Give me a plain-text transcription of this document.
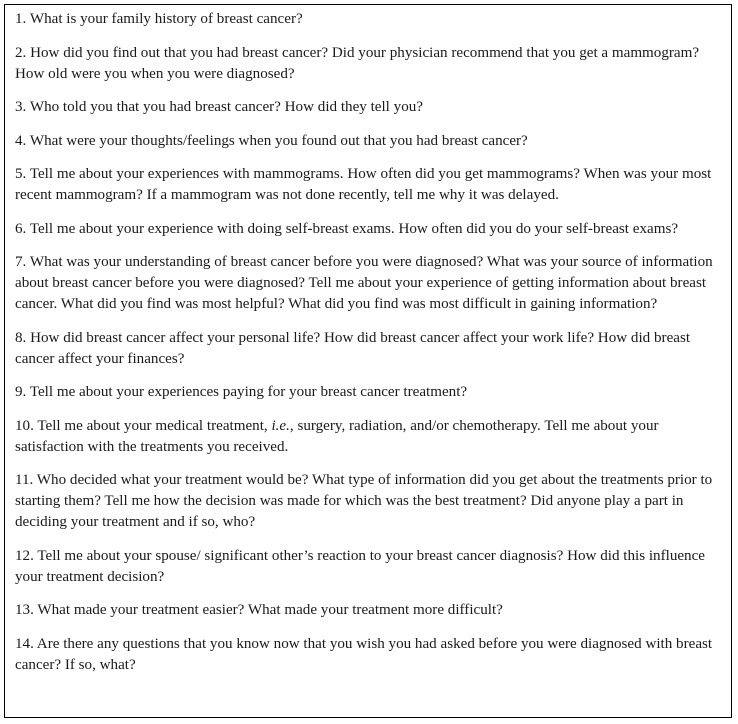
1. What is your family history of breast cancer?

2. How did you find out that you had breast cancer? Did your physician recommend that you get a mammogram? How old were you when you were diagnosed?

3. Who told you that you had breast cancer? How did they tell you?

4. What were your thoughts/feelings when you found out that you had breast cancer?

5. Tell me about your experiences with mammograms. How often did you get mammograms? When was your most recent mammogram? If a mammogram was not done recently, tell me why it was delayed.

6. Tell me about your experience with doing self-breast exams. How often did you do your self-breast exams?

7. What was your understanding of breast cancer before you were diagnosed? What was your source of information about breast cancer before you were diagnosed? Tell me about your experience of getting information about breast cancer. What did you find was most helpful? What did you find was most difficult in gaining information?

8. How did breast cancer affect your personal life? How did breast cancer affect your work life? How did breast cancer affect your finances?

9. Tell me about your experiences paying for your breast cancer treatment?

10. Tell me about your medical treatment, i.e., surgery, radiation, and/or chemotherapy. Tell me about your satisfaction with the treatments you received.

11. Who decided what your treatment would be? What type of information did you get about the treatments prior to starting them? Tell me how the decision was made for which was the best treatment? Did anyone play a part in deciding your treatment and if so, who?

12. Tell me about your spouse/ significant other’s reaction to your breast cancer diagnosis? How did this influence your treatment decision?

13. What made your treatment easier? What made your treatment more difficult?

14. Are there any questions that you know now that you wish you had asked before you were diagnosed with breast cancer? If so, what?
